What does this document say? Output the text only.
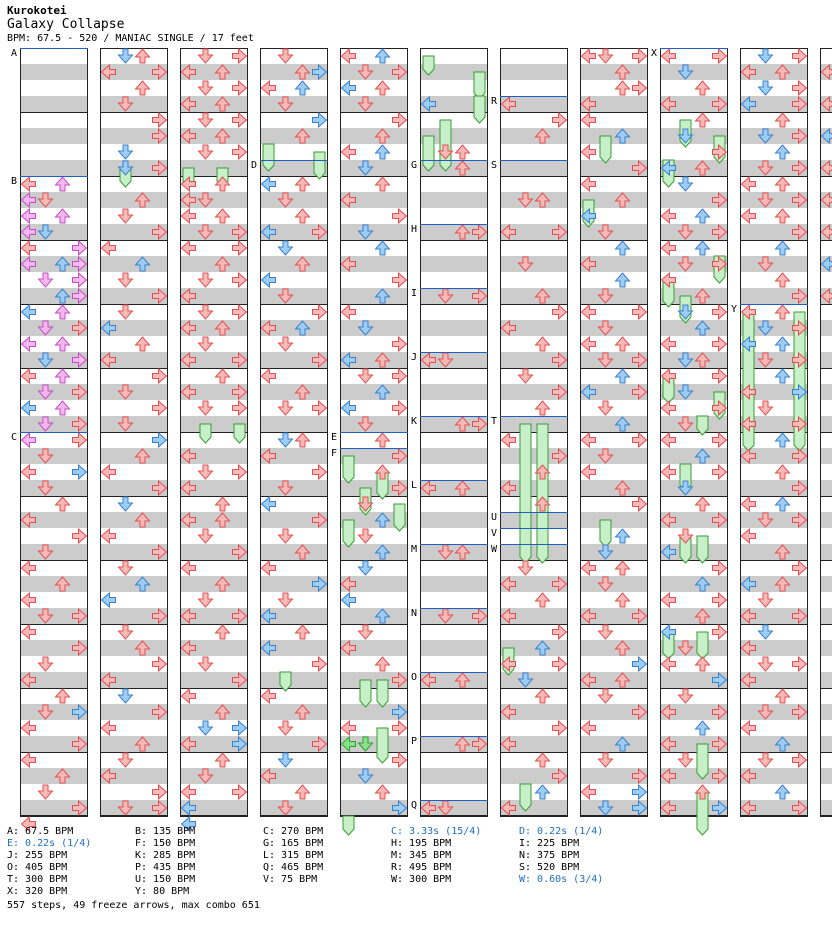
Kurokotei
Galaxy Collapse
BPM: 67.5 - 520 / MANIAC SINGLE / 17 feet
A
B
C
D
E
F
G
H
I
J
K
L
M
N
O
P
Q
R
S
T
U
V
W
X
Y
A: 67.5 BPM	B: 135 BPM	C: 270 BPM	C: 3.33s (15/4)	D: 0.22s (1/4)
E: 0.22s (1/4)	F: 150 BPM	G: 165 BPM	H: 195 BPM	I: 225 BPM
J: 255 BPM	K: 285 BPM	L: 315 BPM	M: 345 BPM	N: 375 BPM
O: 405 BPM	P: 435 BPM	Q: 465 BPM	R: 495 BPM	S: 520 BPM
T: 300 BPM	U: 150 BPM	V: 75 BPM	W: 300 BPM	W: 0.60s (3/4)
X: 320 BPM	Y: 80 BPM
557 steps, 49 freeze arrows, max combo 651
